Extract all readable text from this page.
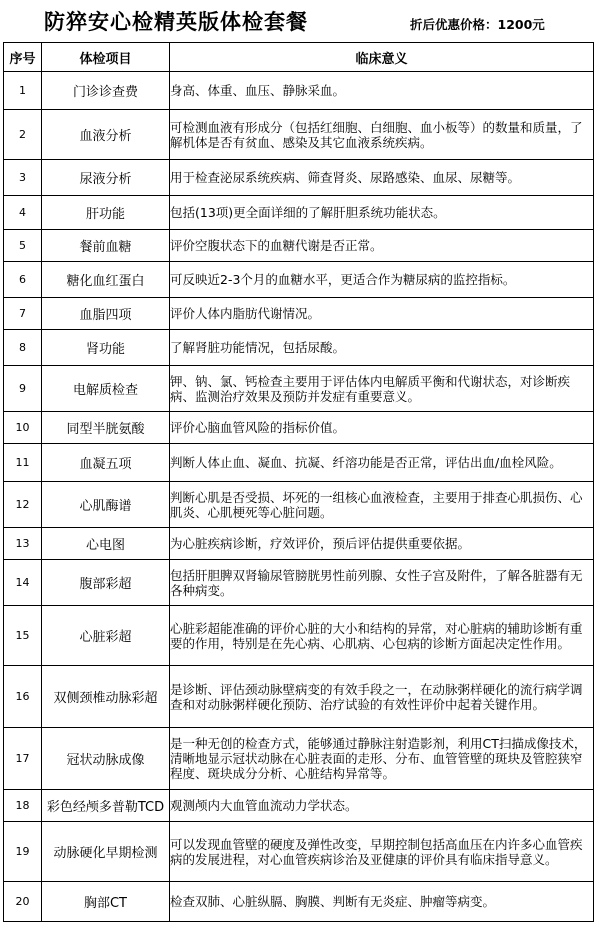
防猝安心检精英版体检套餐	折后优惠价格：1200元
序号	体检项目	临床意义
1	门诊诊查费	身高、体重、血压、静脉采血。
2	血液分析	可检测血液有形成分（包括红细胞、白细胞、血小板等）的数量和质量，了解机体是否有贫血、感染及其它血液系统疾病。
3	尿液分析	用于检查泌尿系统疾病、筛查肾炎、尿路感染、血尿、尿糖等。
4	肝功能	包括(13项)更全面详细的了解肝胆系统功能状态。
5	餐前血糖	评价空腹状态下的血糖代谢是否正常。
6	糖化血红蛋白	可反映近2-3个月的血糖水平，更适合作为糖尿病的监控指标。
7	血脂四项	评价人体内脂肪代谢情况。
8	肾功能	了解肾脏功能情况，包括尿酸。
9	电解质检查	钾、钠、氯、钙检查主要用于评估体内电解质平衡和代谢状态，对诊断疾病、监测治疗效果及预防并发症有重要意义。
10	同型半胱氨酸	评价心脑血管风险的指标价值。
11	血凝五项	判断人体止血、凝血、抗凝、纤溶功能是否正常，评估出血/血栓风险。
12	心肌酶谱	判断心肌是否受损、坏死的一组核心血液检查，主要用于排查心肌损伤、心肌炎、心肌梗死等心脏问题。
13	心电图	为心脏疾病诊断，疗效评价，预后评估提供重要依据。
14	腹部彩超	包括肝胆脾双肾输尿管膀胱男性前列腺、女性子宫及附件，了解各脏器有无各种病变。
15	心脏彩超	心脏彩超能准确的评价心脏的大小和结构的异常，对心脏病的辅助诊断有重要的作用，特别是在先心病、心肌病、心包病的诊断方面起决定性作用。
16	双侧颈椎动脉彩超	是诊断、评估颈动脉壁病变的有效手段之一，在动脉粥样硬化的流行病学调查和对动脉粥样硬化预防、治疗试验的有效性评价中起着关键作用。
17	冠状动脉成像	是一种无创的检查方式，能够通过静脉注射造影剂，利用CT扫描成像技术，清晰地显示冠状动脉在心脏表面的走形、分布、血管管壁的斑块及管腔狭窄程度、斑块成分分析、心脏结构异常等。
18	彩色经颅多普勒TCD	观测颅内大血管血流动力学状态。
19	动脉硬化早期检测	可以发现血管壁的硬度及弹性改变，早期控制包括高血压在内许多心血管疾病的发展进程，对心血管疾病诊治及亚健康的评价具有临床指导意义。
20	胸部CT	检查双肺、心脏纵膈、胸膜、判断有无炎症、肿瘤等病变。
